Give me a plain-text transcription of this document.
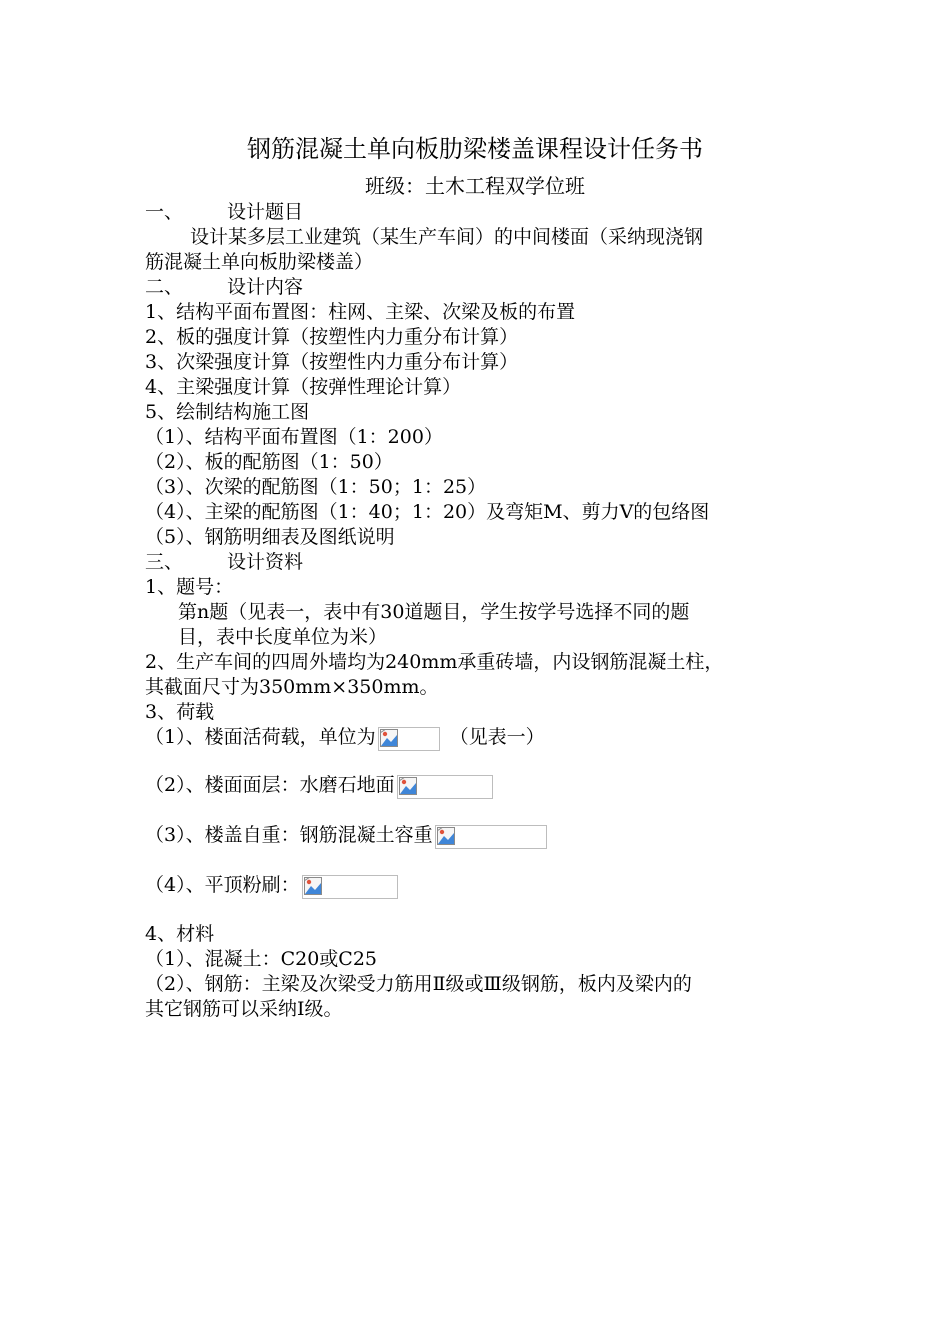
钢筋混凝土单向板肋梁楼盖课程设计任务书
班级：土木工程双学位班
一、 设计题目
设计某多层工业建筑（某生产车间）的中间楼面（采纳现浇钢
筋混凝土单向板肋梁楼盖）
二、 设计内容
1、结构平面布置图：柱网、主梁、次梁及板的布置
2、板的强度计算（按塑性内力重分布计算）
3、次梁强度计算（按塑性内力重分布计算）
4、主梁强度计算（按弹性理论计算）
5、绘制结构施工图
（1）、结构平面布置图（1：200）
（2）、板的配筋图（1：50）
（3）、次梁的配筋图（1：50；1：25）
（4）、主梁的配筋图（1：40；1：20）及弯矩M、剪力V的包络图
（5）、钢筋明细表及图纸说明
三、 设计资料
1、题号：
第n题（见表一，表中有30道题目，学生按学号选择不同的题
目，表中长度单位为米）
2、生产车间的四周外墙均为240mm承重砖墙，内设钢筋混凝土柱，
其截面尺寸为350mm×350mm。
3、荷载
（1）、楼面活荷载，单位为	（见表一）
（2）、楼面面层：水磨石地面
（3）、楼盖自重：钢筋混凝土容重
（4）、平顶粉刷：
4、材料
（1）、混凝土：C20或C25
（2）、钢筋：主梁及次梁受力筋用Ⅱ级或Ⅲ级钢筋，板内及梁内的
其它钢筋可以采纳Ⅰ级。
